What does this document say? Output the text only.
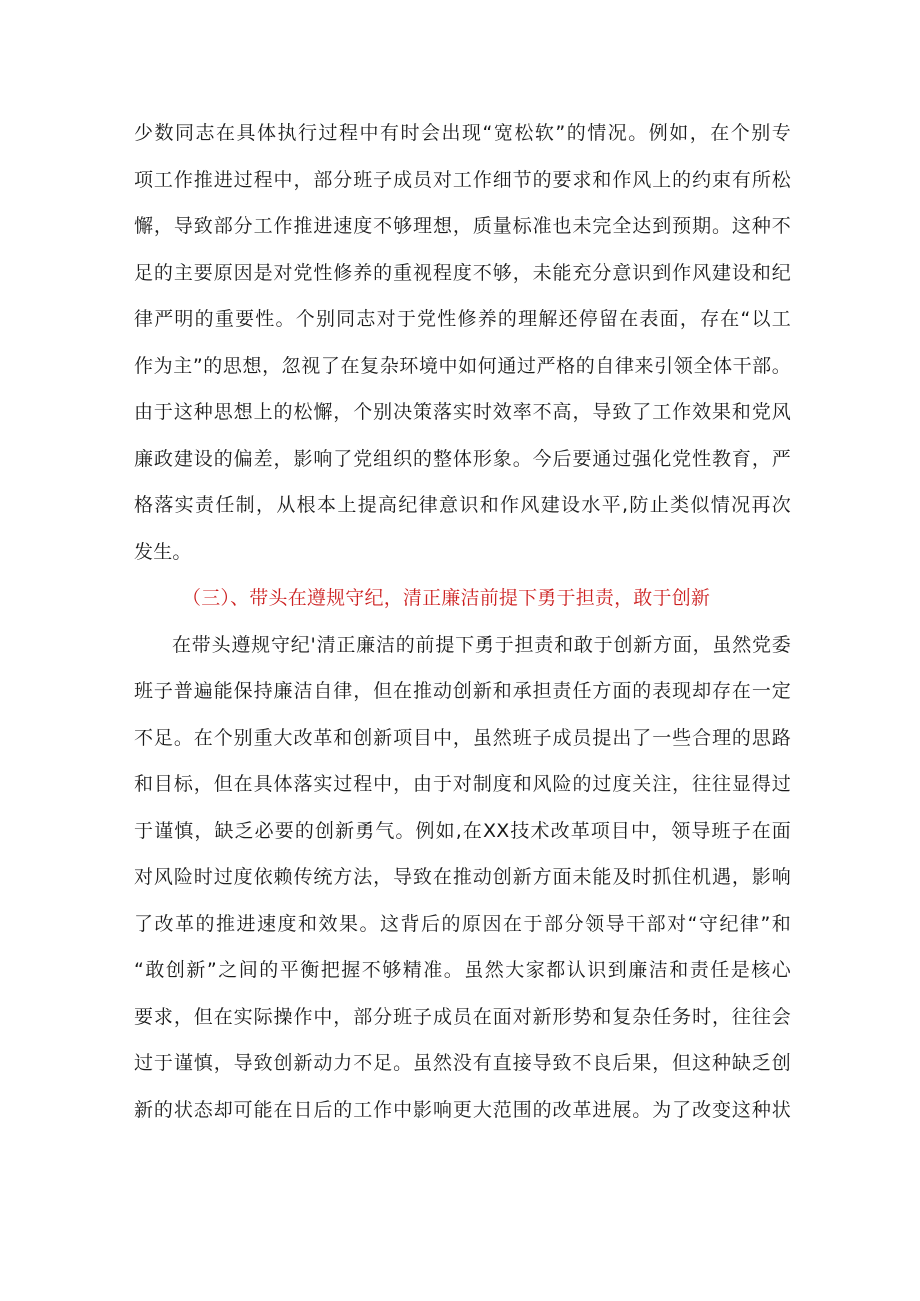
少数同志在具体执行过程中有时会出现“宽松软”的情况。例如，在个别专
项工作推进过程中，部分班子成员对工作细节的要求和作风上的约束有所松
懈，导致部分工作推进速度不够理想，质量标准也未完全达到预期。这种不
足的主要原因是对党性修养的重视程度不够，未能充分意识到作风建设和纪
律严明的重要性。个别同志对于党性修养的理解还停留在表面，存在“以工
作为主”的思想，忽视了在复杂环境中如何通过严格的自律来引领全体干部。
由于这种思想上的松懈，个别决策落实时效率不高，导致了工作效果和党风
廉政建设的偏差，影响了党组织的整体形象。今后要通过强化党性教育，严
格落实责任制，从根本上提高纪律意识和作风建设水平,防止类似情况再次
发生。
（三）、带头在遵规守纪，清正廉洁前提下勇于担责，敢于创新
在带头遵规守纪'清正廉洁的前提下勇于担责和敢于创新方面，虽然党委
班子普遍能保持廉洁自律，但在推动创新和承担责任方面的表现却存在一定
不足。在个别重大改革和创新项目中，虽然班子成员提出了一些合理的思路
和目标，但在具体落实过程中，由于对制度和风险的过度关注，往往显得过
于谨慎，缺乏必要的创新勇气。例如,在XX技术改革项目中，领导班子在面
对风险时过度依赖传统方法，导致在推动创新方面未能及时抓住机遇，影响
了改革的推进速度和效果。这背后的原因在于部分领导干部对“守纪律”和
“敢创新”之间的平衡把握不够精准。虽然大家都认识到廉洁和责任是核心
要求，但在实际操作中，部分班子成员在面对新形势和复杂任务时，往往会
过于谨慎，导致创新动力不足。虽然没有直接导致不良后果，但这种缺乏创
新的状态却可能在日后的工作中影响更大范围的改革进展。为了改变这种状
